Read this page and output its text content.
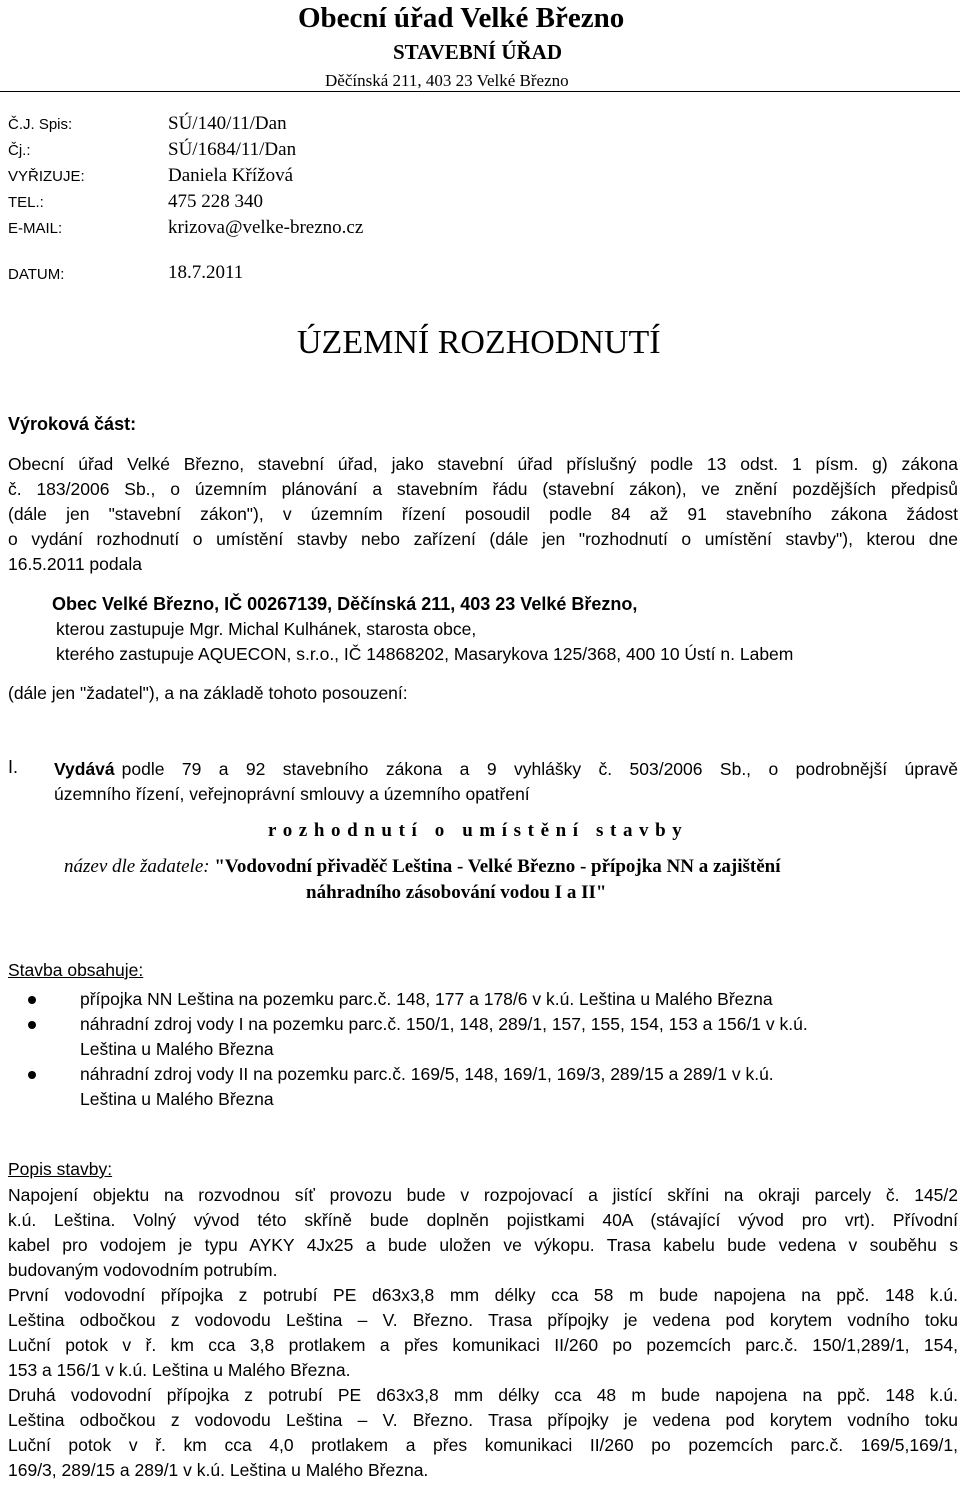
Obecní úřad Velké Březno
STAVEBNÍ ÚŘAD
Děčínská 211, 403 23 Velké Březno
Č.J. Spis:	SÚ/140/11/Dan
Čj.:	SÚ/1684/11/Dan
VYŘIZUJE:	Daniela Křížová
TEL.:	475 228 340
E-MAIL:	krizova@velke-brezno.cz
DATUM:	18.7.2011
ÚZEMNÍ ROZHODNUTÍ
Výroková část:
Obecní úřad Velké Březno, stavební úřad, jako stavební úřad příslušný podle 13 odst. 1 písm. g) zákona
č. 183/2006 Sb., o územním plánování a stavebním řádu (stavební zákon), ve znění pozdějších předpisů
(dále jen "stavební zákon"), v územním řízení posoudil podle 84 až 91 stavebního zákona žádost
o vydání rozhodnutí o umístění stavby nebo zařízení (dále jen "rozhodnutí o umístění stavby"), kterou dne
16.5.2011 podala
Obec Velké Březno, IČ 00267139, Děčínská 211, 403 23 Velké Březno,
kterou zastupuje Mgr. Michal Kulhánek, starosta obce,
kterého zastupuje AQUECON, s.r.o., IČ 14868202, Masarykova 125/368, 400 10 Ústí n. Labem
(dále jen "žadatel"), a na základě tohoto posouzení:
I. Vydává podle 79 a 92 stavebního zákona a 9 vyhlášky č. 503/2006 Sb., o podrobnější úpravě
územního řízení, veřejnoprávní smlouvy a územního opatření
rozhodnutí o umístění stavby
název dle žadatele: "Vodovodní přivaděč Leština - Velké Březno - přípojka NN a zajištění
náhradního zásobování vodou I a II"
Stavba obsahuje:
přípojka NN Leština na pozemku parc.č. 148, 177 a 178/6 v k.ú. Leština u Malého Března
náhradní zdroj vody I na pozemku parc.č. 150/1, 148, 289/1, 157, 155, 154, 153 a 156/1 v k.ú.
Leština u Malého Března
náhradní zdroj vody II na pozemku parc.č. 169/5, 148, 169/1, 169/3, 289/15 a 289/1 v k.ú.
Leština u Malého Března
Popis stavby:
Napojení objektu na rozvodnou síť provozu bude v rozpojovací a jistící skříni na okraji parcely č. 145/2
k.ú. Leština. Volný vývod této skříně bude doplněn pojistkami 40A (stávající vývod pro vrt). Přívodní
kabel pro vodojem je typu AYKY 4Jx25 a bude uložen ve výkopu. Trasa kabelu bude vedena v souběhu s
budovaným vodovodním potrubím.
První vodovodní přípojka z potrubí PE d63x3,8 mm délky cca 58 m bude napojena na ppč. 148 k.ú.
Leština odbočkou z vodovodu Leština – V. Březno. Trasa přípojky je vedena pod korytem vodního toku
Luční potok v ř. km cca 3,8 protlakem a přes komunikaci II/260 po pozemcích parc.č. 150/1,289/1, 154,
153 a 156/1 v k.ú. Leština u Malého Března.
Druhá vodovodní přípojka z potrubí PE d63x3,8 mm délky cca 48 m bude napojena na ppč. 148 k.ú.
Leština odbočkou z vodovodu Leština – V. Březno. Trasa přípojky je vedena pod korytem vodního toku
Luční potok v ř. km cca 4,0 protlakem a přes komunikaci II/260 po pozemcích parc.č. 169/5,169/1,
169/3, 289/15 a 289/1 v k.ú. Leština u Malého Března.
